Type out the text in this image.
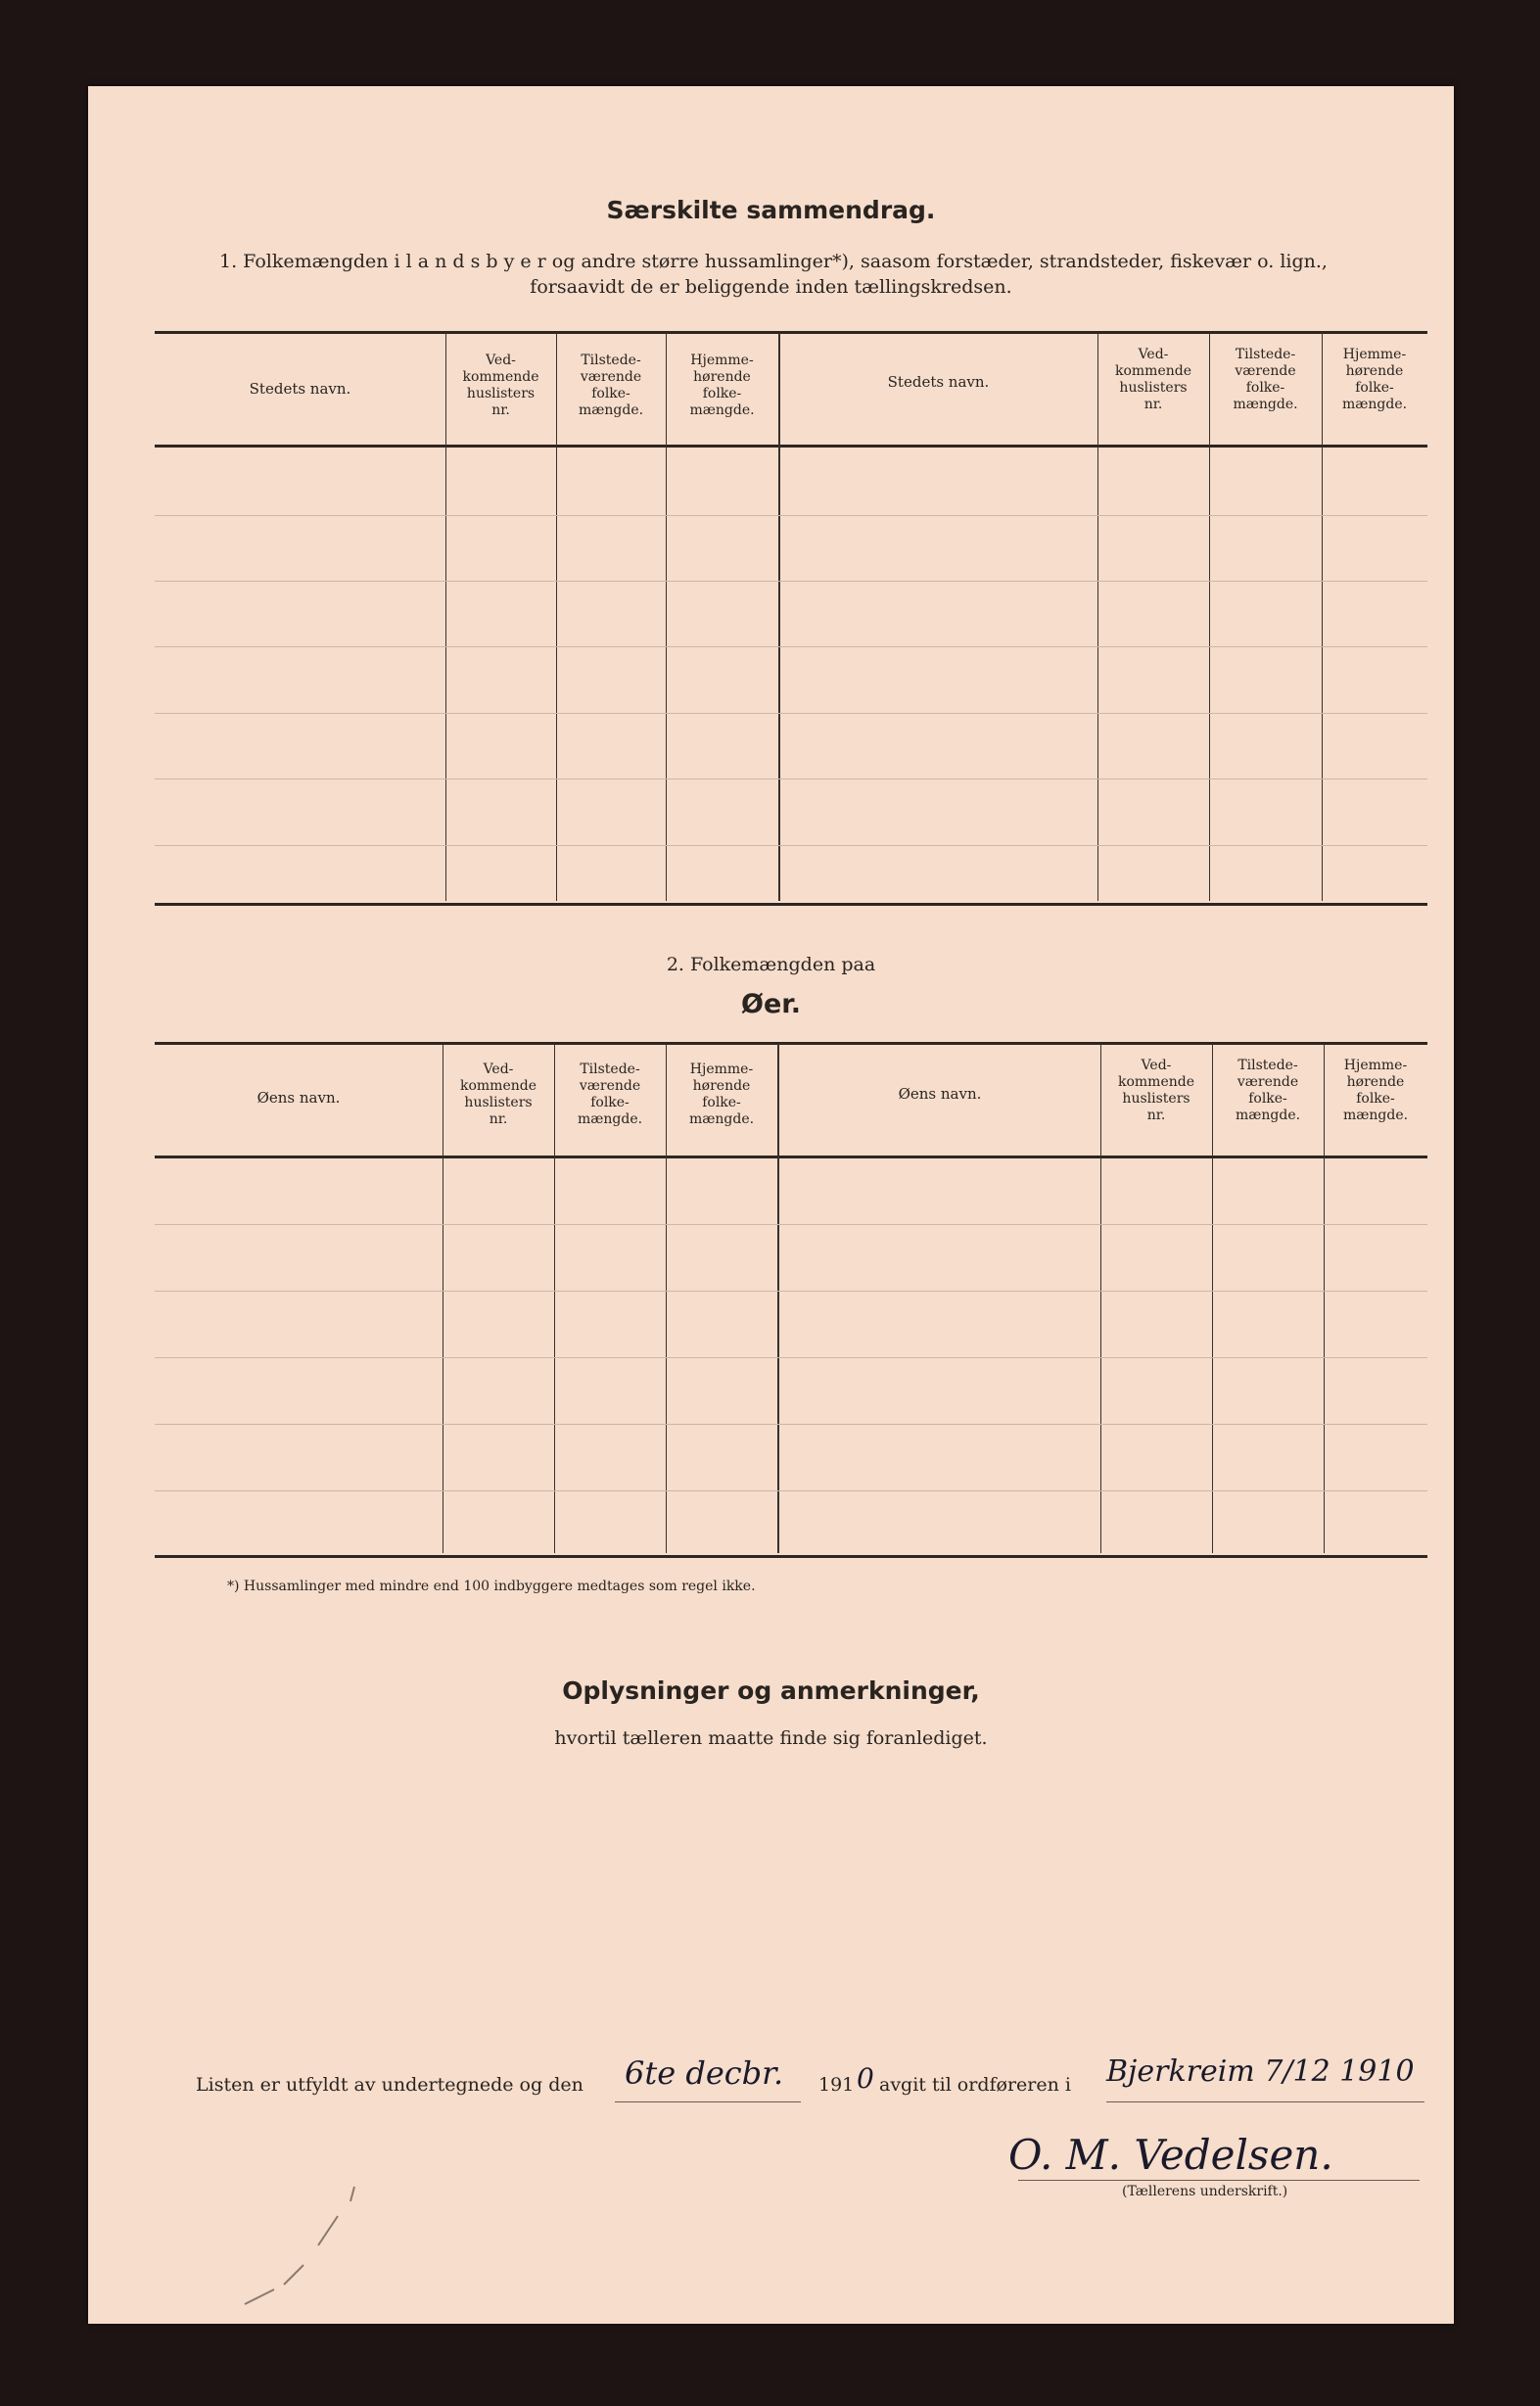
Særskilte sammendrag.
1. Folkemængden i l a n d s b y e r og andre større hussamlinger*), saasom forstæder, strandsteder, fiskevær o. lign.,
forsaavidt de er beliggende inden tællingskredsen.
Stedets navn.
Ved-
kommende
huslisters
nr.
Tilstede-
værende
folke-
mængde.
Hjemme-
hørende
folke-
mængde.
Stedets navn.
Ved-
kommende
huslisters
nr.
Tilstede-
værende
folke-
mængde.
Hjemme-
hørende
folke-
mængde.
2. Folkemængden paa
Øer.
Øens navn.
Ved-
kommende
huslisters
nr.
Tilstede-
værende
folke-
mængde.
Hjemme-
hørende
folke-
mængde.
Øens navn.
Ved-
kommende
huslisters
nr.
Tilstede-
værende
folke-
mængde.
Hjemme-
hørende
folke-
mængde.
*) Hussamlinger med mindre end 100 indbyggere medtages som regel ikke.
Oplysninger og anmerkninger,
hvortil tælleren maatte finde sig foranlediget.
Listen er utfyldt av undertegnede og den 6te decbr. 191 0 avgit til ordføreren i Bjerkreim 7/12 1910
O. M. Vedelsen.
(Tællerens underskrift.)
